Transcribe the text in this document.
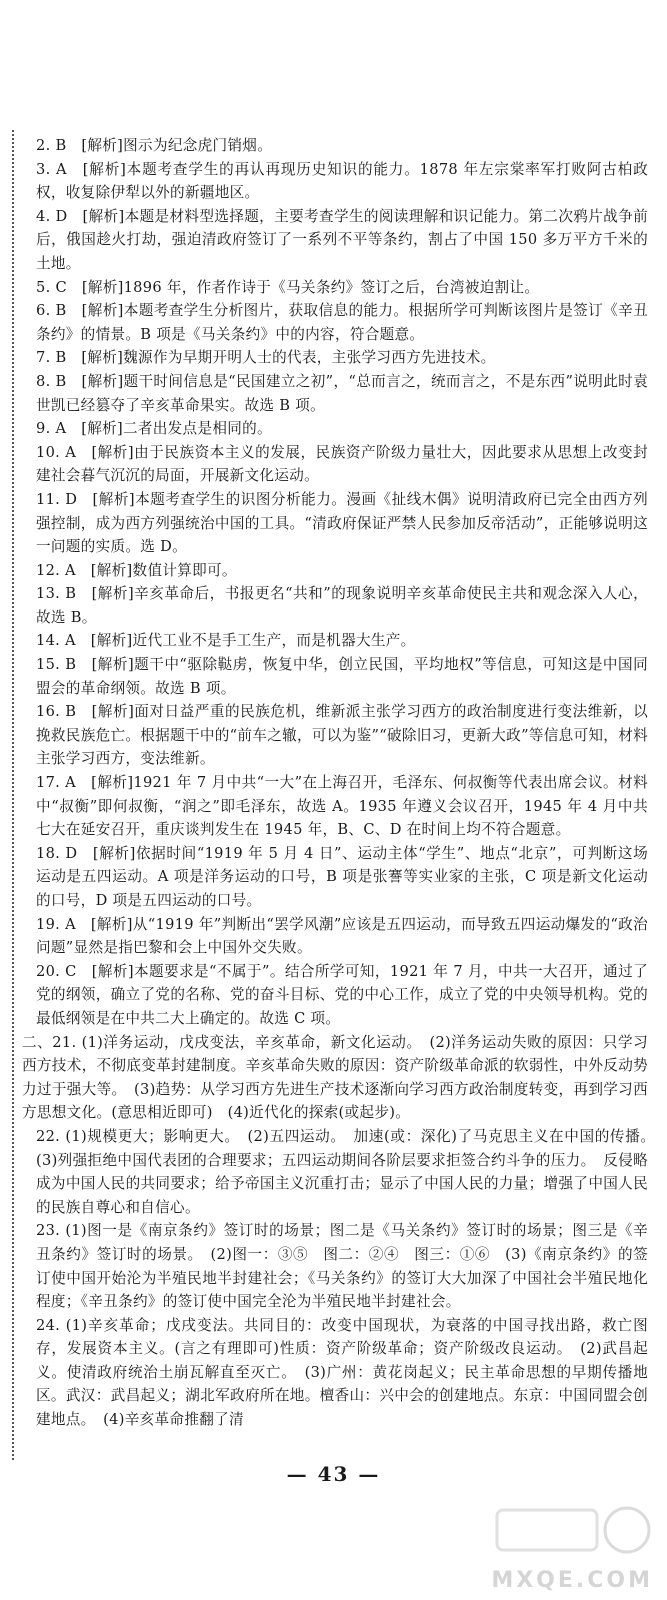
2. B　[解析]图示为纪念虎门销烟。

3. A　[解析]本题考查学生的再认再现历史知识的能力。1878 年左宗棠率军打败阿古柏政权，收复除伊犁以外的新疆地区。

4. D　[解析]本题是材料型选择题，主要考查学生的阅读理解和识记能力。第二次鸦片战争前后，俄国趁火打劫，强迫清政府签订了一系列不平等条约，割占了中国 150 多万平方千米的土地。

5. C　[解析]1896 年，作者作诗于《马关条约》签订之后，台湾被迫割让。

6. B　[解析]本题考查学生分析图片，获取信息的能力。根据所学可判断该图片是签订《辛丑条约》的情景。B 项是《马关条约》中的内容，符合题意。

7. B　[解析]魏源作为早期开明人士的代表，主张学习西方先进技术。

8. B　[解析]题干时间信息是“民国建立之初”，“总而言之，统而言之，不是东西”说明此时袁世凯已经篡夺了辛亥革命果实。故选 B 项。

9. A　[解析]二者出发点是相同的。

10. A　[解析]由于民族资本主义的发展，民族资产阶级力量壮大，因此要求从思想上改变封建社会暮气沉沉的局面，开展新文化运动。

11. D　[解析]本题考查学生的识图分析能力。漫画《扯线木偶》说明清政府已完全由西方列强控制，成为西方列强统治中国的工具。“清政府保证严禁人民参加反帝活动”，正能够说明这一问题的实质。选 D。

12. A　[解析]数值计算即可。

13. B　[解析]辛亥革命后，书报更名“共和”的现象说明辛亥革命使民主共和观念深入人心，故选 B。

14. A　[解析]近代工业不是手工生产，而是机器大生产。

15. B　[解析]题干中“驱除鞑虏，恢复中华，创立民国，平均地权”等信息，可知这是中国同盟会的革命纲领。故选 B 项。

16. B　[解析]面对日益严重的民族危机，维新派主张学习西方的政治制度进行变法维新，以挽救民族危亡。根据题干中的“前车之辙，可以为鉴”“破除旧习，更新大政”等信息可知，材料主张学习西方，变法维新。

17. A　[解析]1921 年 7 月中共“一大”在上海召开，毛泽东、何叔衡等代表出席会议。材料中“叔衡”即何叔衡，“润之”即毛泽东，故选 A。1935 年遵义会议召开，1945 年 4 月中共七大在延安召开，重庆谈判发生在 1945 年，B、C、D 在时间上均不符合题意。

18. D　[解析]依据时间“1919 年 5 月 4 日”、运动主体“学生”、地点“北京”，可判断这场运动是五四运动。A 项是洋务运动的口号，B 项是张謇等实业家的主张，C 项是新文化运动的口号，D 项是五四运动的口号。

19. A　[解析]从“1919 年”判断出“罢学风潮”应该是五四运动，而导致五四运动爆发的“政治问题”显然是指巴黎和会上中国外交失败。

20. C　[解析]本题要求是“不属于”。结合所学可知，1921 年 7 月，中共一大召开，通过了党的纲领，确立了党的名称、党的奋斗目标、党的中心工作，成立了党的中央领导机构。党的最低纲领是在中共二大上确定的。故选 C 项。

二、21. (1)洋务运动，戊戌变法，辛亥革命，新文化运动。　(2)洋务运动失败的原因：只学习西方技术，不彻底变革封建制度。辛亥革命失败的原因：资产阶级革命派的软弱性，中外反动势力过于强大等。　(3)趋势：从学习西方先进生产技术逐渐向学习西方政治制度转变，再到学习西方思想文化。(意思相近即可)　(4)近代化的探索(或起步)。

22. (1)规模更大；影响更大。　(2)五四运动。　加速(或：深化)了马克思主义在中国的传播。　(3)列强拒绝中国代表团的合理要求；五四运动期间各阶层要求拒签合约斗争的压力。　反侵略成为中国人民的共同要求；给予帝国主义沉重打击；显示了中国人民的力量；增强了中国人民的民族自尊心和自信心。

23. (1)图一是《南京条约》签订时的场景；图二是《马关条约》签订时的场景；图三是《辛丑条约》签订时的场景。　(2)图一：③⑤　图二：②④　图三：①⑥　(3)《南京条约》的签订使中国开始沦为半殖民地半封建社会；《马关条约》的签订大大加深了中国社会半殖民地化程度；《辛丑条约》的签订使中国完全沦为半殖民地半封建社会。

24. (1)辛亥革命；戊戌变法。共同目的：改变中国现状，为衰落的中国寻找出路，救亡图存，发展资本主义。(言之有理即可)性质：资产阶级革命；资产阶级改良运动。　(2)武昌起义。使清政府统治土崩瓦解直至灭亡。　(3)广州：黄花岗起义；民主革命思想的早期传播地区。武汉：武昌起义；湖北军政府所在地。檀香山：兴中会的创建地点。东京：中国同盟会创建地点。　(4)辛亥革命推翻了清

— 43 —
MXQE.COM
